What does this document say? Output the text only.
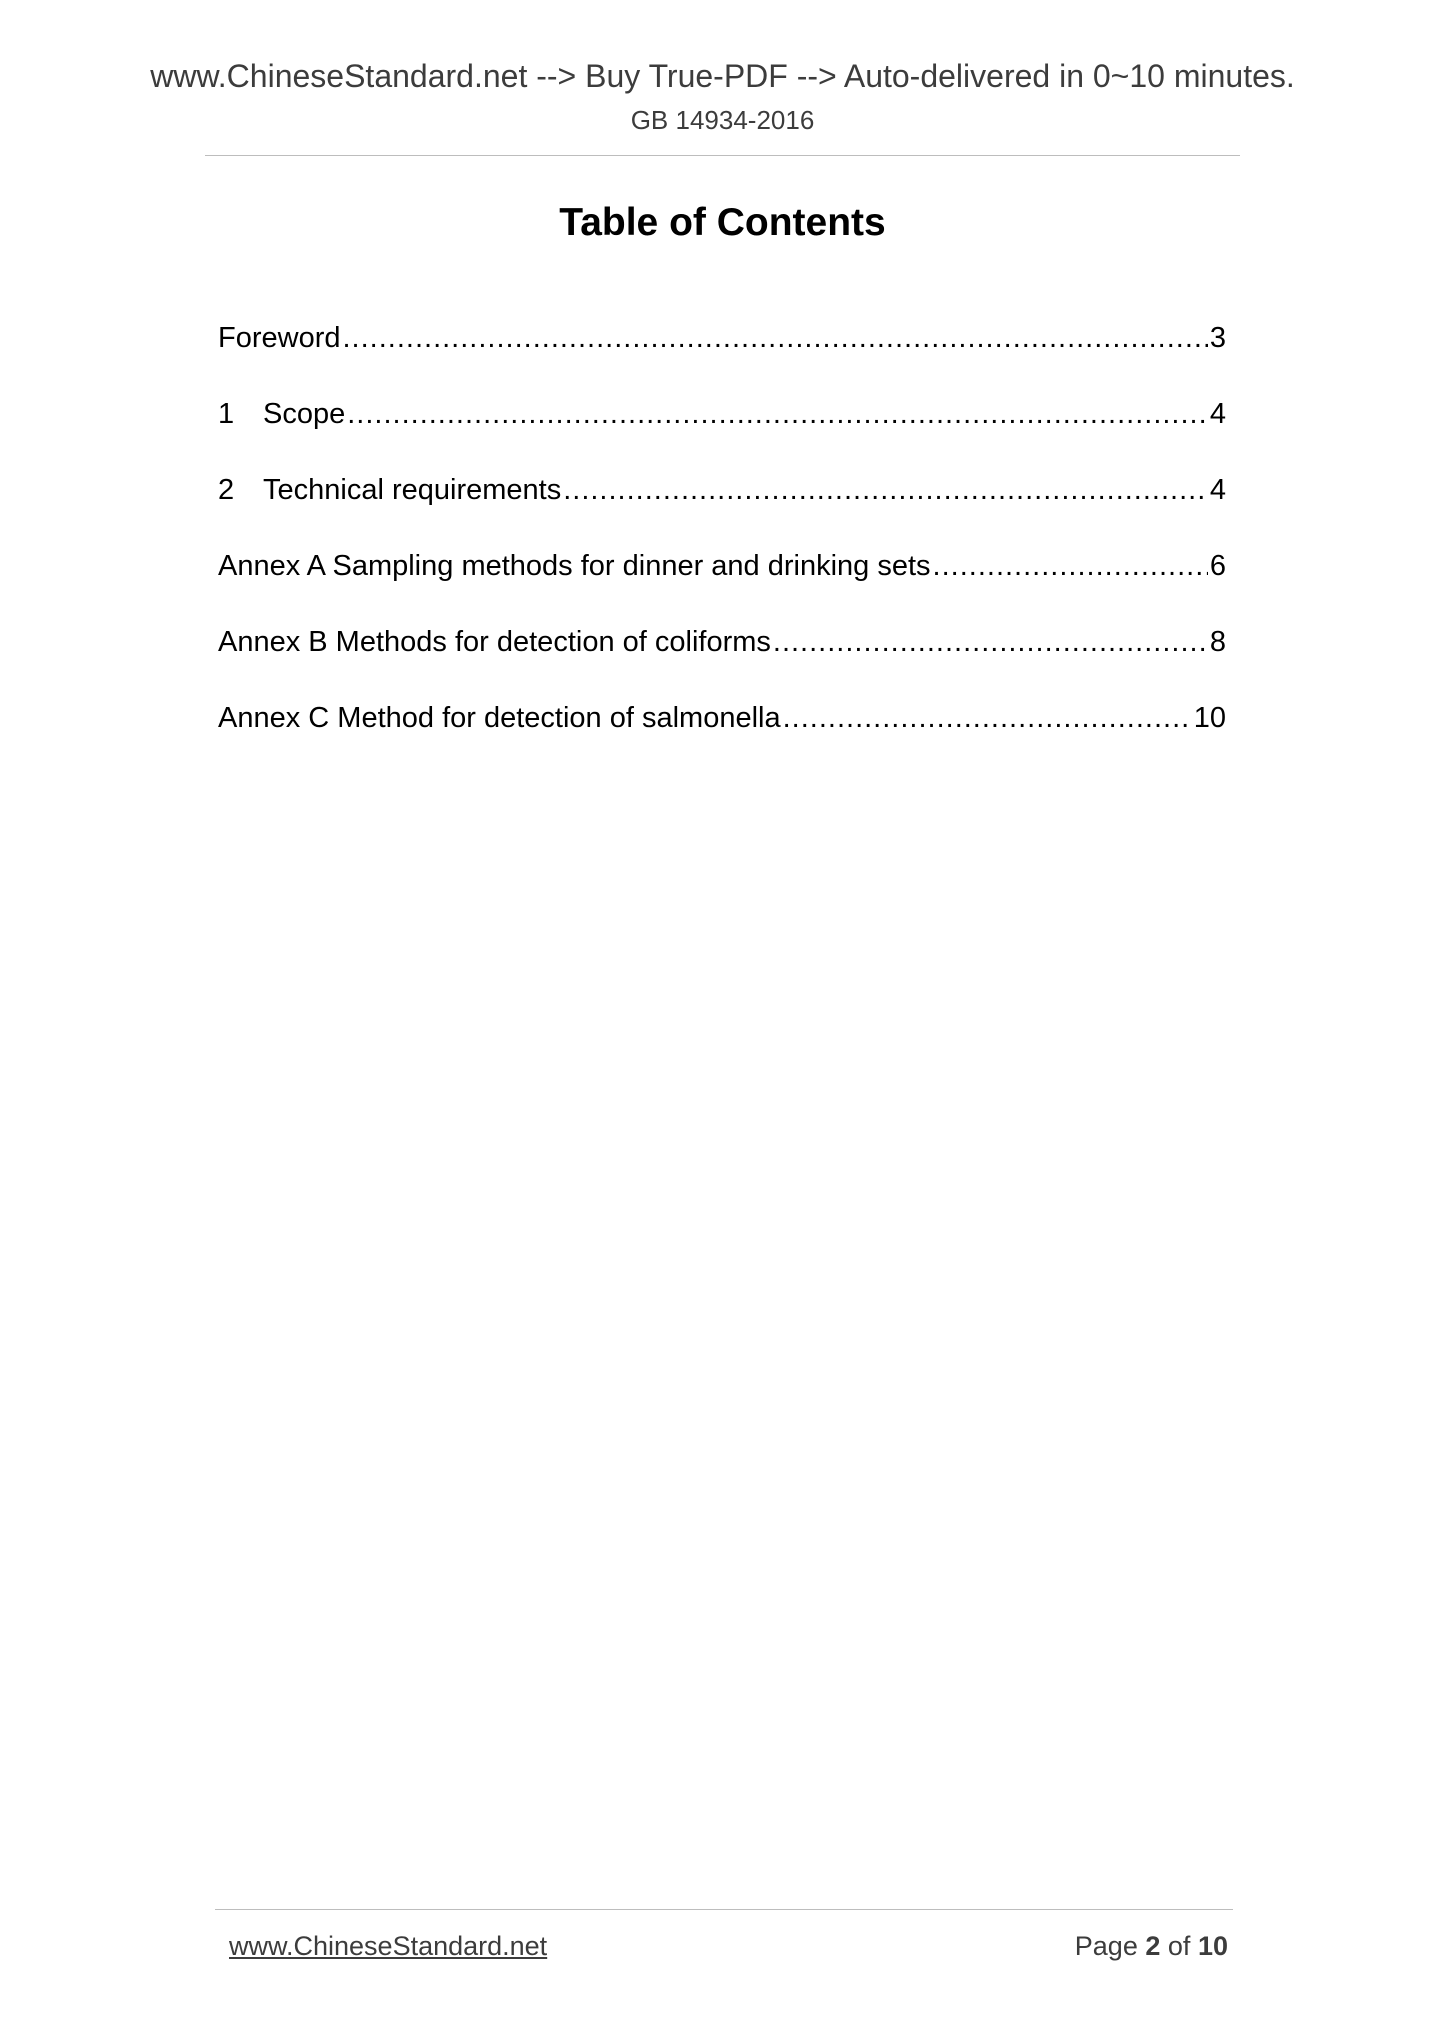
www.ChineseStandard.net --> Buy True-PDF --> Auto-delivered in 0~10 minutes.
GB 14934-2016
Table of Contents
Foreword .....	3
1 Scope .....	4
2 Technical requirements .....	4
Annex A Sampling methods for dinner and drinking sets .....	6
Annex B Methods for detection of coliforms .....	8
Annex C Method for detection of salmonella .....	10
www.ChineseStandard.net	Page 2 of 10
